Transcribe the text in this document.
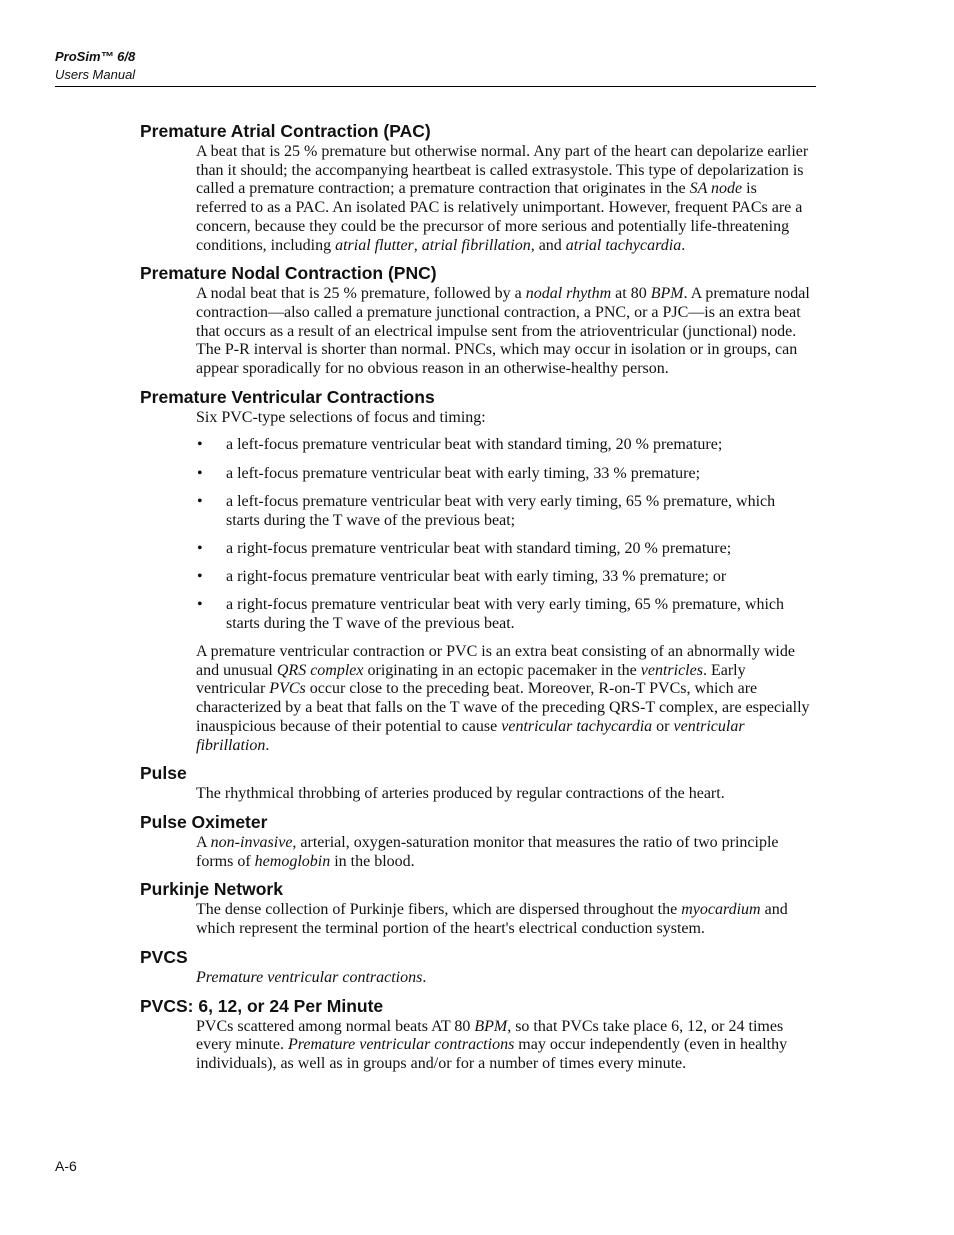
ProSim™ 6/8
Users Manual
Premature Atrial Contraction (PAC)

A beat that is 25 % premature but otherwise normal. Any part of the heart can depolarize earlier than it should; the accompanying heartbeat is called extrasystole. This type of depolarization is called a premature contraction; a premature contraction that originates in the SA node is referred to as a PAC. An isolated PAC is relatively unimportant. However, frequent PACs are a concern, because they could be the precursor of more serious and potentially life-threatening conditions, including atrial flutter, atrial fibrillation, and atrial tachycardia.

Premature Nodal Contraction (PNC)

A nodal beat that is 25 % premature, followed by a nodal rhythm at 80 BPM. A premature nodal contraction—also called a premature junctional contraction, a PNC, or a PJC—is an extra beat that occurs as a result of an electrical impulse sent from the atrioventricular (junctional) node. The P-R interval is shorter than normal. PNCs, which may occur in isolation or in groups, can appear sporadically for no obvious reason in an otherwise-healthy person.

Premature Ventricular Contractions

Six PVC-type selections of focus and timing:

• a left-focus premature ventricular beat with standard timing, 20 % premature;
• a left-focus premature ventricular beat with early timing, 33 % premature;
• a left-focus premature ventricular beat with very early timing, 65 % premature, which starts during the T wave of the previous beat;
• a right-focus premature ventricular beat with standard timing, 20 % premature;
• a right-focus premature ventricular beat with early timing, 33 % premature; or
• a right-focus premature ventricular beat with very early timing, 65 % premature, which starts during the T wave of the previous beat.

A premature ventricular contraction or PVC is an extra beat consisting of an abnormally wide and unusual QRS complex originating in an ectopic pacemaker in the ventricles. Early ventricular PVCs occur close to the preceding beat. Moreover, R-on-T PVCs, which are characterized by a beat that falls on the T wave of the preceding QRS-T complex, are especially inauspicious because of their potential to cause ventricular tachycardia or ventricular fibrillation.

Pulse

The rhythmical throbbing of arteries produced by regular contractions of the heart.

Pulse Oximeter

A non-invasive, arterial, oxygen-saturation monitor that measures the ratio of two principle forms of hemoglobin in the blood.

Purkinje Network

The dense collection of Purkinje fibers, which are dispersed throughout the myocardium and which represent the terminal portion of the heart's electrical conduction system.

PVCS

Premature ventricular contractions.

PVCS: 6, 12, or 24 Per Minute

PVCs scattered among normal beats AT 80 BPM, so that PVCs take place 6, 12, or 24 times every minute. Premature ventricular contractions may occur independently (even in healthy individuals), as well as in groups and/or for a number of times every minute.

A-6
